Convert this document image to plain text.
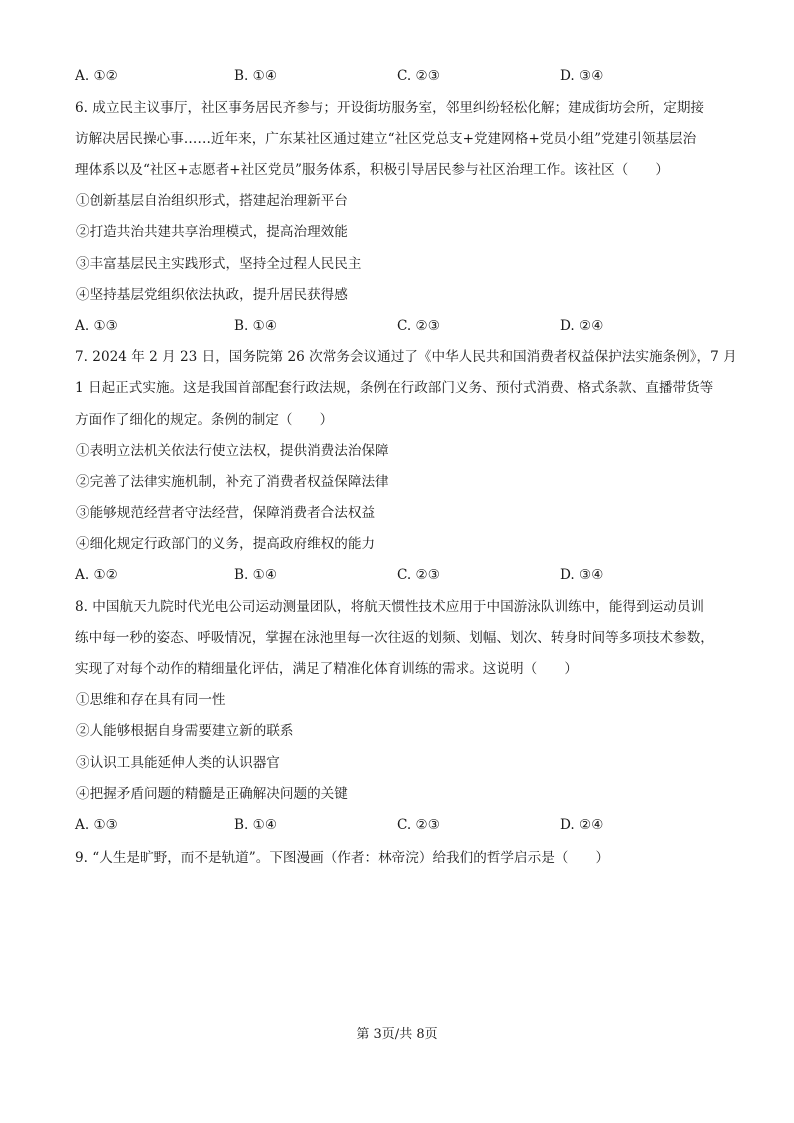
A. ①②	B. ①④	C. ②③	D. ③④
6. 成立民主议事厅，社区事务居民齐参与；开设街坊服务室，邻里纠纷轻松化解；建成街坊会所，定期接
访解决居民操心事……近年来，广东某社区通过建立“社区党总支+党建网格+党员小组”党建引领基层治
理体系以及“社区+志愿者+社区党员”服务体系，积极引导居民参与社区治理工作。该社区（　　）
①创新基层自治组织形式，搭建起治理新平台
②打造共治共建共享治理模式，提高治理效能
③丰富基层民主实践形式，坚持全过程人民民主
④坚持基层党组织依法执政，提升居民获得感
A. ①③	B. ①④	C. ②③	D. ②④
7. 2024 年 2 月 23 日，国务院第 26 次常务会议通过了《中华人民共和国消费者权益保护法实施条例》，7 月
1 日起正式实施。这是我国首部配套行政法规，条例在行政部门义务、预付式消费、格式条款、直播带货等
方面作了细化的规定。条例的制定（　　）
①表明立法机关依法行使立法权，提供消费法治保障
②完善了法律实施机制，补充了消费者权益保障法律
③能够规范经营者守法经营，保障消费者合法权益
④细化规定行政部门的义务，提高政府维权的能力
A. ①②	B. ①④	C. ②③	D. ③④
8. 中国航天九院时代光电公司运动测量团队，将航天惯性技术应用于中国游泳队训练中，能得到运动员训
练中每一秒的姿态、呼吸情况，掌握在泳池里每一次往返的划频、划幅、划次、转身时间等多项技术参数，
实现了对每个动作的精细量化评估，满足了精准化体育训练的需求。这说明（　　）
①思维和存在具有同一性
②人能够根据自身需要建立新的联系
③认识工具能延伸人类的认识器官
④把握矛盾问题的精髓是正确解决问题的关键
A. ①③	B. ①④	C. ②③	D. ②④
9. “人生是旷野，而不是轨道”。下图漫画（作者：林帝浣）给我们的哲学启示是（　　）
第 3页/共 8页
